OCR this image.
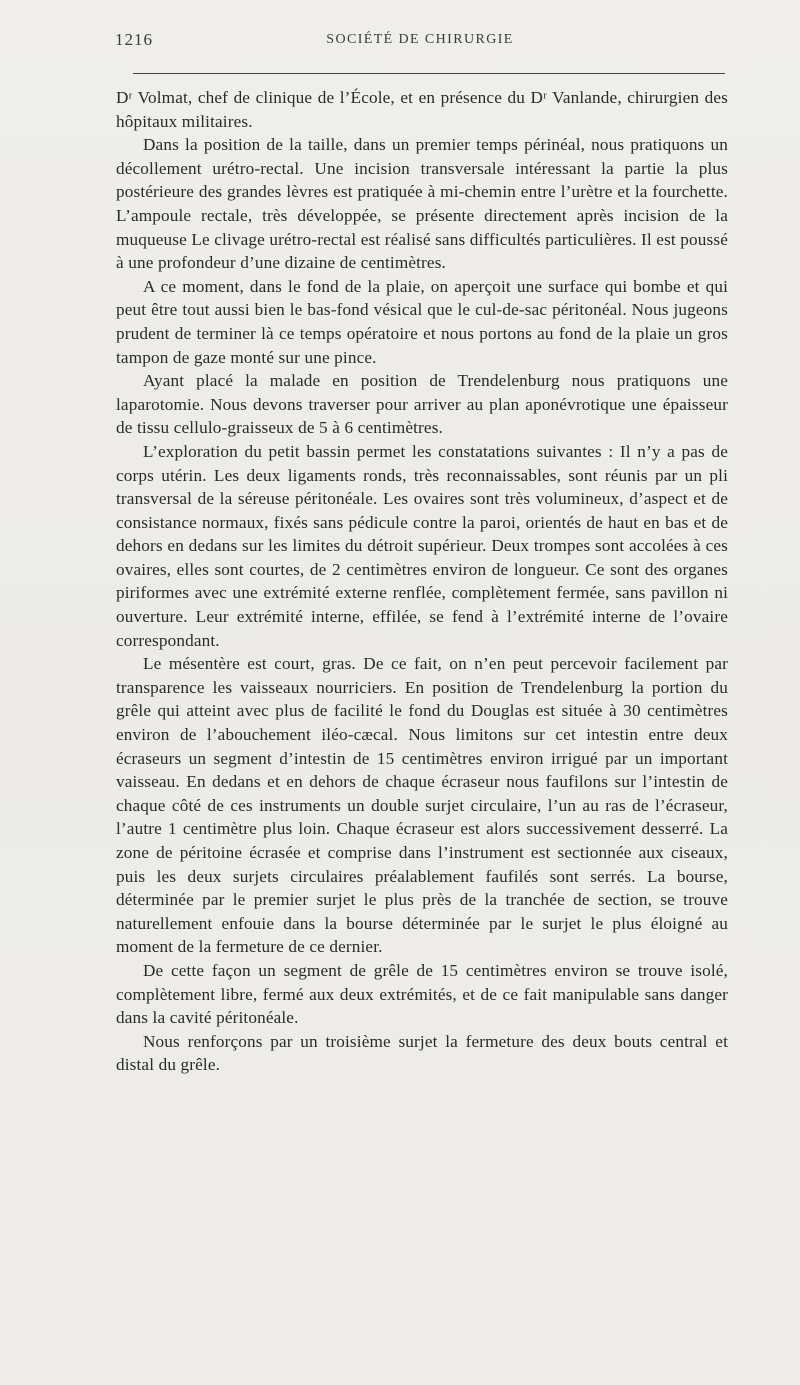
1216	SOCIÉTÉ DE CHIRURGIE

Dʳ Volmat, chef de clinique de l’École, et en présence du Dʳ Vanlande, chirurgien des hôpitaux militaires.

Dans la position de la taille, dans un premier temps périnéal, nous pratiquons un décollement urétro-rectal. Une incision transversale intéressant la partie la plus postérieure des grandes lèvres est pratiquée à mi-chemin entre l’urètre et la fourchette. L’ampoule rectale, très développée, se présente directement après incision de la muqueuse Le clivage urétro-rectal est réalisé sans difficultés particulières. Il est poussé à une profondeur d’une dizaine de centimètres.

A ce moment, dans le fond de la plaie, on aperçoit une surface qui bombe et qui peut être tout aussi bien le bas-fond vésical que le cul-de-sac péritonéal. Nous jugeons prudent de terminer là ce temps opératoire et nous portons au fond de la plaie un gros tampon de gaze monté sur une pince.

Ayant placé la malade en position de Trendelenburg nous pratiquons une laparotomie. Nous devons traverser pour arriver au plan aponévrotique une épaisseur de tissu cellulo-graisseux de 5 à 6 centimètres.

L’exploration du petit bassin permet les constatations suivantes : Il n’y a pas de corps utérin. Les deux ligaments ronds, très reconnaissables, sont réunis par un pli transversal de la séreuse péritonéale. Les ovaires sont très volumineux, d’aspect et de consistance normaux, fixés sans pédicule contre la paroi, orientés de haut en bas et de dehors en dedans sur les limites du détroit supérieur. Deux trompes sont accolées à ces ovaires, elles sont courtes, de 2 centimètres environ de longueur. Ce sont des organes piriformes avec une extrémité externe renflée, complètement fermée, sans pavillon ni ouverture. Leur extrémité interne, effilée, se fend à l’extrémité interne de l’ovaire correspondant.

Le mésentère est court, gras. De ce fait, on n’en peut percevoir facilement par transparence les vaisseaux nourriciers. En position de Trendelenburg la portion du grêle qui atteint avec plus de facilité le fond du Douglas est située à 30 centimètres environ de l’abouchement iléo-cæcal. Nous limitons sur cet intestin entre deux écraseurs un segment d’intestin de 15 centimètres environ irrigué par un important vaisseau. En dedans et en dehors de chaque écraseur nous faufilons sur l’intestin de chaque côté de ces instruments un double surjet circulaire, l’un au ras de l’écraseur, l’autre 1 centimètre plus loin. Chaque écraseur est alors successivement desserré. La zone de péritoine écrasée et comprise dans l’instrument est sectionnée aux ciseaux, puis les deux surjets circulaires préalablement faufilés sont serrés. La bourse, déterminée par le premier surjet le plus près de la tranchée de section, se trouve naturellement enfouie dans la bourse déterminée par le surjet le plus éloigné au moment de la fermeture de ce dernier.

De cette façon un segment de grêle de 15 centimètres environ se trouve isolé, complètement libre, fermé aux deux extrémités, et de ce fait manipulable sans danger dans la cavité péritonéale.

Nous renforçons par un troisième surjet la fermeture des deux bouts central et distal du grêle.
